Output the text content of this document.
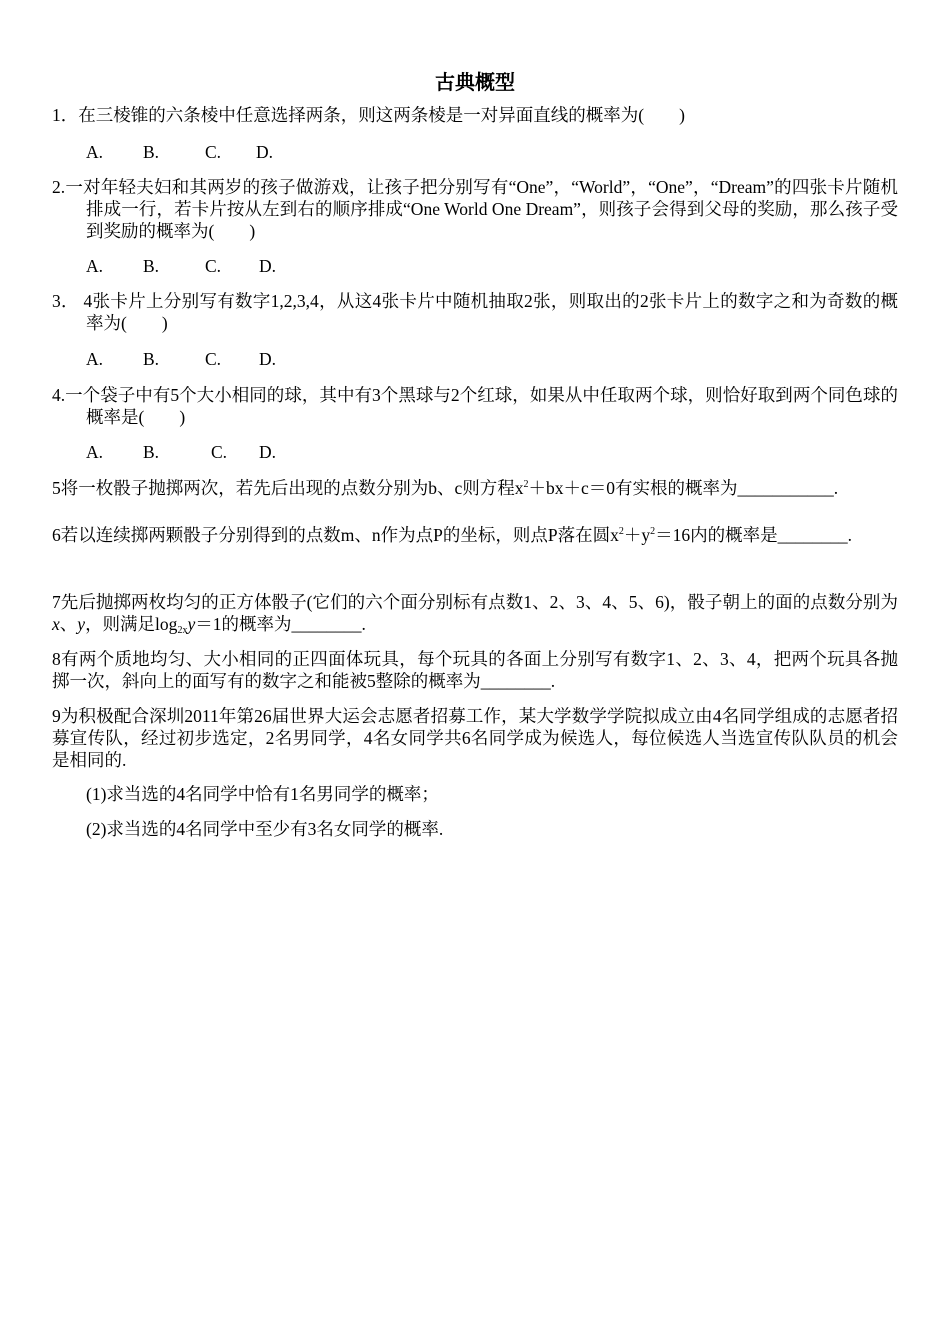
古典概型
1．在三棱锥的六条棱中任意选择两条，则这两条棱是一对异面直线的概率为(　　)
A. B.	C. D.
2.一对年轻夫妇和其两岁的孩子做游戏，让孩子把分别写有“One”，“World”，“One”，“Dream”的四张卡片随机排成一行，若卡片按从左到右的顺序排成“One World One Dream”，则孩子会得到父母的奖励，那么孩子受到奖励的概率为(　　)
A. B.	C. D.
3． 4张卡片上分别写有数字1,2,3,4，从这4张卡片中随机抽取2张，则取出的2张卡片上的数字之和为奇数的概率为(　　)
A. B.	C. D.
4.一个袋子中有5个大小相同的球，其中有3个黑球与2个红球，如果从中任取两个球，则恰好取到两个同色球的概率是(　　)
A. B.	C. D.
5将一枚骰子抛掷两次，若先后出现的点数分别为b、c则方程$x^2+bx+c=0$有实根的概率为___________.
6若以连续掷两颗骰子分别得到的点数m、n作为点P的坐标，则点P落在圆$x^2+y^2=16$内的概率是________.
7先后抛掷两枚均匀的正方体骰子(它们的六个面分别标有点数1、2、3、4、5、6)，骰子朝上的面的点数分别为x、y，则满足$\log_{2x}y=1$的概率为________.
8有两个质地均匀、大小相同的正四面体玩具，每个玩具的各面上分别写有数字1、2、3、4，把两个玩具各抛掷一次，斜向上的面写有的数字之和能被5整除的概率为________.
9为积极配合深圳2011年第26届世界大运会志愿者招募工作，某大学数学学院拟成立由4名同学组成的志愿者招募宣传队，经过初步选定，2名男同学，4名女同学共6名同学成为候选人，每位候选人当选宣传队队员的机会是相同的.
(1)求当选的4名同学中恰有1名男同学的概率；
(2)求当选的4名同学中至少有3名女同学的概率.
